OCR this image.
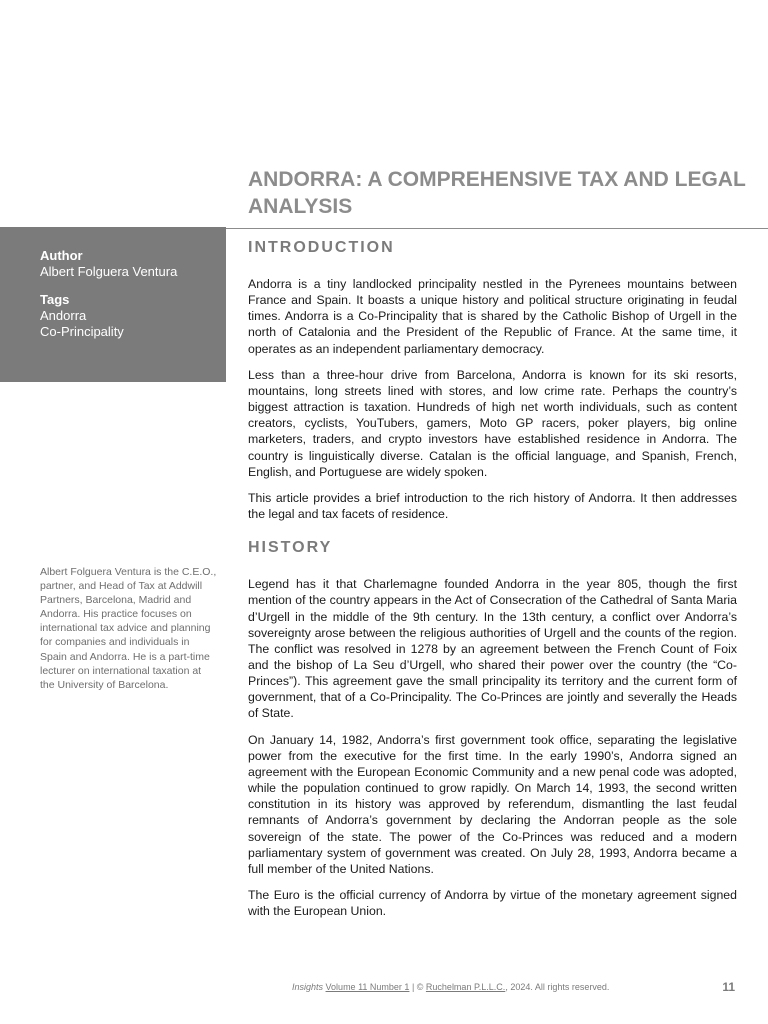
ANDORRA: A COMPREHENSIVE TAX AND LEGAL ANALYSIS
Author
Albert Folguera Ventura
Tags
Andorra
Co-Principality
Albert Folguera Ventura is the C.E.O., partner, and Head of Tax at Addwill Partners, Barcelona, Madrid and Andorra. His practice focuses on international tax advice and planning for companies and individuals in Spain and Andorra. He is a part-time lecturer on international taxation at the University of Barcelona.
INTRODUCTION

Andorra is a tiny landlocked principality nestled in the Pyrenees mountains between France and Spain. It boasts a unique history and political structure originating in feudal times. Andorra is a Co-Principality that is shared by the Catholic Bishop of Urgell in the north of Catalonia and the President of the Republic of France. At the same time, it operates as an independent parliamentary democracy.

Less than a three-hour drive from Barcelona, Andorra is known for its ski resorts, mountains, long streets lined with stores, and low crime rate. Perhaps the country’s biggest attraction is taxation. Hundreds of high net worth individuals, such as content creators, cyclists, YouTubers, gamers, Moto GP racers, poker players, big online marketers, traders, and crypto investors have established residence in Andorra. The country is linguistically diverse. Catalan is the official language, and Spanish, French, English, and Portuguese are widely spoken.

This article provides a brief introduction to the rich history of Andorra. It then addresses the legal and tax facets of residence.

HISTORY

Legend has it that Charlemagne founded Andorra in the year 805, though the first mention of the country appears in the Act of Consecration of the Cathedral of Santa Maria d’Urgell in the middle of the 9th century. In the 13th century, a conflict over Andorra’s sovereignty arose between the religious authorities of Urgell and the counts of the region. The conflict was resolved in 1278 by an agreement between the French Count of Foix and the bishop of La Seu d’Urgell, who shared their power over the country (the “Co-Princes”). This agreement gave the small principality its territory and the current form of government, that of a Co-Principality. The Co-Princes are jointly and severally the Heads of State.

On January 14, 1982, Andorra’s first government took office, separating the legislative power from the executive for the first time. In the early 1990’s, Andorra signed an agreement with the European Economic Community and a new penal code was adopted, while the population continued to grow rapidly. On March 14, 1993, the second written constitution in its history was approved by referendum, dismantling the last feudal remnants of Andorra’s government by declaring the Andorran people as the sole sovereign of the state. The power of the Co-Princes was reduced and a modern parliamentary system of government was created. On July 28, 1993, Andorra became a full member of the United Nations.

The Euro is the official currency of Andorra by virtue of the monetary agreement signed with the European Union.

Insights Volume 11 Number 1 | © Ruchelman P.L.L.C., 2024. All rights reserved.	11
